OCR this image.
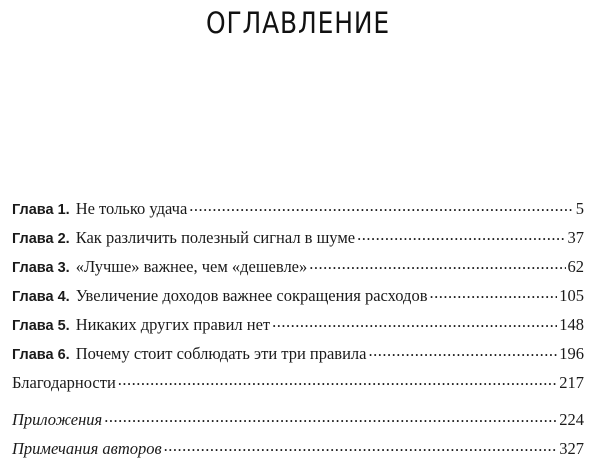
ОГЛАВЛЕНИЕ
Глава 1. Не только удача .....	5
Глава 2. Как различить полезный сигнал в шуме .....	37
Глава 3. «Лучше» важнее, чем «дешевле» .....	62
Глава 4. Увеличение доходов важнее сокращения расходов .....	105
Глава 5. Никаких других правил нет .....	148
Глава 6. Почему стоит соблюдать эти три правила .....	196
Благодарности .....	217
Приложения .....	224
Примечания авторов .....	327
